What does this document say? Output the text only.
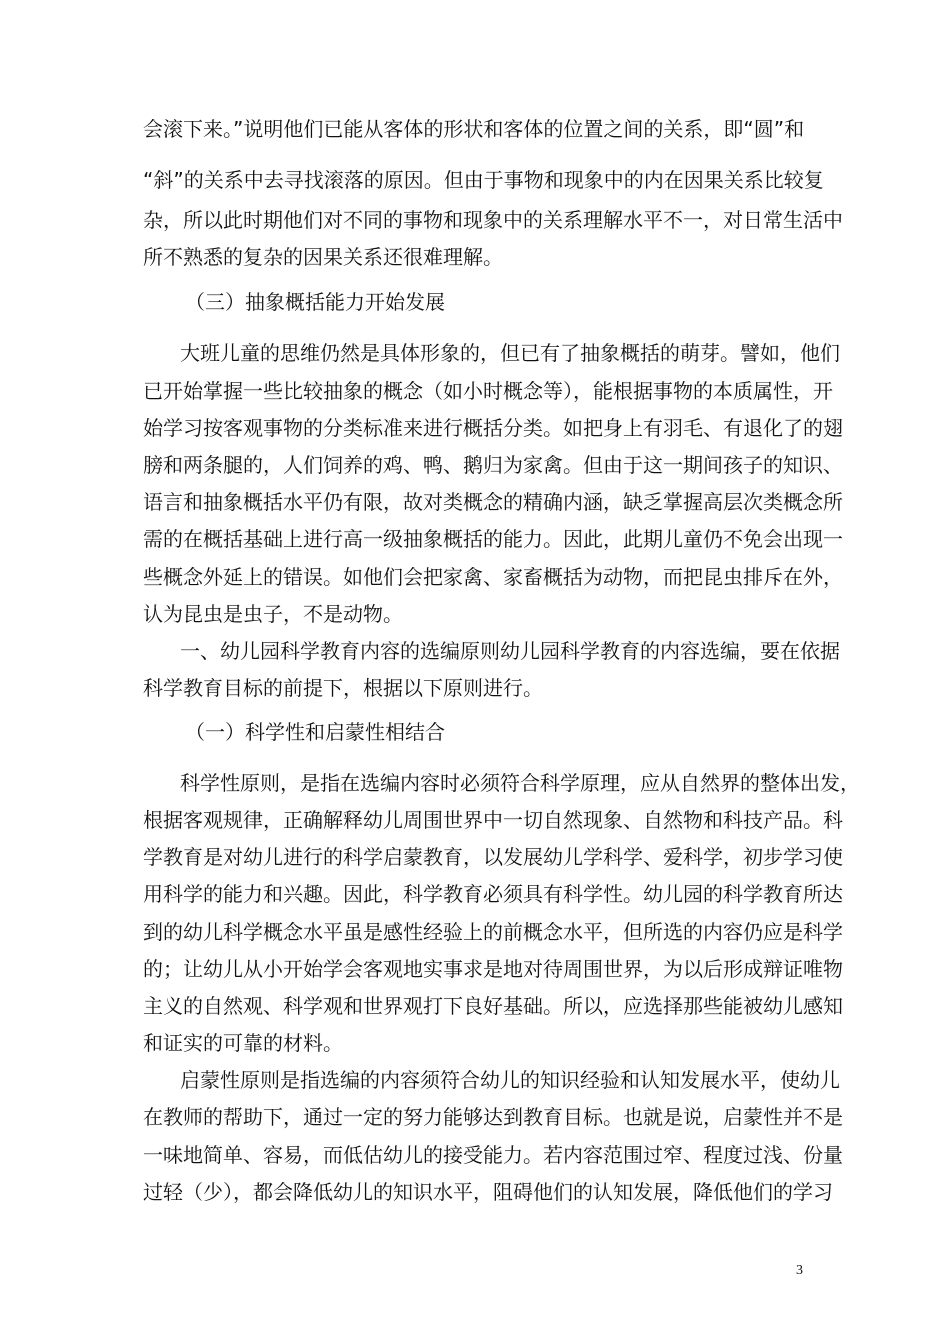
会滚下来。”说明他们已能从客体的形状和客体的位置之间的关系，即“圆”和
“斜”的关系中去寻找滚落的原因。但由于事物和现象中的内在因果关系比较复
杂，所以此时期他们对不同的事物和现象中的关系理解水平不一，对日常生活中
所不熟悉的复杂的因果关系还很难理解。
（三）抽象概括能力开始发展
大班儿童的思维仍然是具体形象的，但已有了抽象概括的萌芽。譬如，他们
已开始掌握一些比较抽象的概念（如小时概念等），能根据事物的本质属性，开
始学习按客观事物的分类标准来进行概括分类。如把身上有羽毛、有退化了的翅
膀和两条腿的，人们饲养的鸡、鸭、鹅归为家禽。但由于这一期间孩子的知识、
语言和抽象概括水平仍有限，故对类概念的精确内涵，缺乏掌握高层次类概念所
需的在概括基础上进行高一级抽象概括的能力。因此，此期儿童仍不免会出现一
些概念外延上的错误。如他们会把家禽、家畜概括为动物，而把昆虫排斥在外，
认为昆虫是虫子，不是动物。
一、幼儿园科学教育内容的选编原则幼儿园科学教育的内容选编，要在依据
科学教育目标的前提下，根据以下原则进行。
（一）科学性和启蒙性相结合
科学性原则，是指在选编内容时必须符合科学原理，应从自然界的整体出发，
根据客观规律，正确解释幼儿周围世界中一切自然现象、自然物和科技产品。科
学教育是对幼儿进行的科学启蒙教育，以发展幼儿学科学、爱科学，初步学习使
用科学的能力和兴趣。因此，科学教育必须具有科学性。幼儿园的科学教育所达
到的幼儿科学概念水平虽是感性经验上的前概念水平，但所选的内容仍应是科学
的；让幼儿从小开始学会客观地实事求是地对待周围世界，为以后形成辩证唯物
主义的自然观、科学观和世界观打下良好基础。所以，应选择那些能被幼儿感知
和证实的可靠的材料。
启蒙性原则是指选编的内容须符合幼儿的知识经验和认知发展水平，使幼儿
在教师的帮助下，通过一定的努力能够达到教育目标。也就是说，启蒙性并不是
一味地简单、容易，而低估幼儿的接受能力。若内容范围过窄、程度过浅、份量
过轻（少），都会降低幼儿的知识水平，阻碍他们的认知发展，降低他们的学习
3
